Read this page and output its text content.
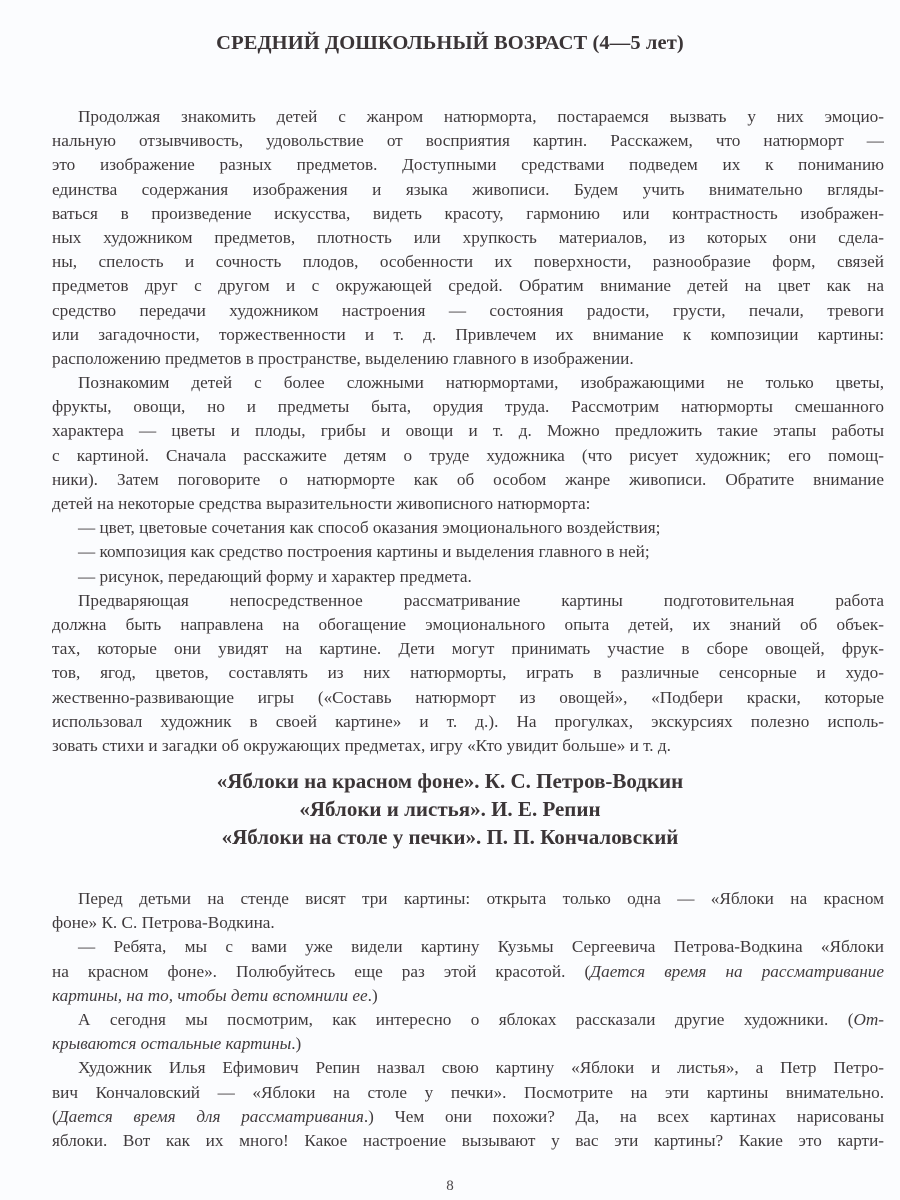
СРЕДНИЙ ДОШКОЛЬНЫЙ ВОЗРАСТ (4—5 лет)
Продолжая знакомить детей с жанром натюрморта, постараемся вызвать у них эмоцио-
нальную отзывчивость, удовольствие от восприятия картин. Расскажем, что натюрморт —
это изображение разных предметов. Доступными средствами подведем их к пониманию
единства содержания изображения и языка живописи. Будем учить внимательно вгляды-
ваться в произведение искусства, видеть красоту, гармонию или контрастность изображен-
ных художником предметов, плотность или хрупкость материалов, из которых они сдела-
ны, спелость и сочность плодов, особенности их поверхности, разнообразие форм, связей
предметов друг с другом и с окружающей средой. Обратим внимание детей на цвет как на
средство передачи художником настроения — состояния радости, грусти, печали, тревоги
или загадочности, торжественности и т. д. Привлечем их внимание к композиции картины:
расположению предметов в пространстве, выделению главного в изображении.
Познакомим детей с более сложными натюрмортами, изображающими не только цветы,
фрукты, овощи, но и предметы быта, орудия труда. Рассмотрим натюрморты смешанного
характера — цветы и плоды, грибы и овощи и т. д. Можно предложить такие этапы работы
с картиной. Сначала расскажите детям о труде художника (что рисует художник; его помощ-
ники). Затем поговорите о натюрморте как об особом жанре живописи. Обратите внимание
детей на некоторые средства выразительности живописного натюрморта:
— цвет, цветовые сочетания как способ оказания эмоционального воздействия;
— композиция как средство построения картины и выделения главного в ней;
— рисунок, передающий форму и характер предмета.
Предваряющая непосредственное рассматривание картины подготовительная работа
должна быть направлена на обогащение эмоционального опыта детей, их знаний об объек-
тах, которые они увидят на картине. Дети могут принимать участие в сборе овощей, фрук-
тов, ягод, цветов, составлять из них натюрморты, играть в различные сенсорные и худо-
жественно-развивающие игры («Составь натюрморт из овощей», «Подбери краски, которые
использовал художник в своей картине» и т. д.). На прогулках, экскурсиях полезно исполь-
зовать стихи и загадки об окружающих предметах, игру «Кто увидит больше» и т. д.
«Яблоки на красном фоне». К. С. Петров-Водкин
«Яблоки и листья». И. Е. Репин
«Яблоки на столе у печки». П. П. Кончаловский
Перед детьми на стенде висят три картины: открыта только одна — «Яблоки на красном
фоне» К. С. Петрова-Водкина.
— Ребята, мы с вами уже видели картину Кузьмы Сергеевича Петрова-Водкина «Яблоки
на красном фоне». Полюбуйтесь еще раз этой красотой. (Дается время на рассматривание
картины, на то, чтобы дети вспомнили ее.)
А сегодня мы посмотрим, как интересно о яблоках рассказали другие художники. (От-
крываются остальные картины.)
Художник Илья Ефимович Репин назвал свою картину «Яблоки и листья», а Петр Петро-
вич Кончаловский — «Яблоки на столе у печки». Посмотрите на эти картины внимательно.
(Дается время для рассматривания.) Чем они похожи? Да, на всех картинах нарисованы
яблоки. Вот как их много! Какое настроение вызывают у вас эти картины? Какие это карти-
8
